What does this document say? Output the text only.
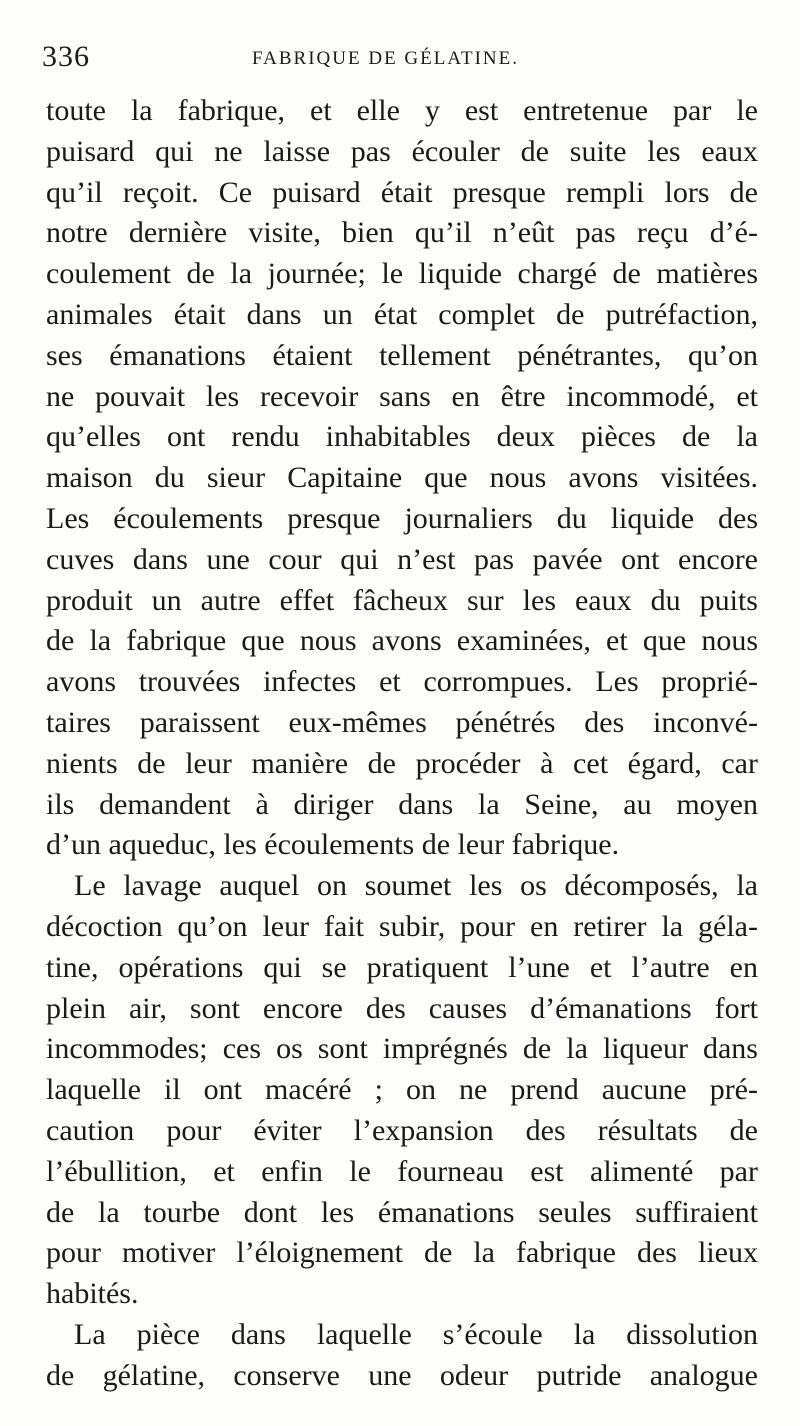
336	FABRIQUE DE GÉLATINE.
toute la fabrique, et elle y est entretenue par le
puisard qui ne laisse pas écouler de suite les eaux
qu’il reçoit. Ce puisard était presque rempli lors de
notre dernière visite, bien qu’il n’eût pas reçu d’é-
coulement de la journée; le liquide chargé de matières
animales était dans un état complet de putréfaction,
ses émanations étaient tellement pénétrantes, qu’on
ne pouvait les recevoir sans en être incommodé, et
qu’elles ont rendu inhabitables deux pièces de la
maison du sieur Capitaine que nous avons visitées.
Les écoulements presque journaliers du liquide des
cuves dans une cour qui n’est pas pavée ont encore
produit un autre effet fâcheux sur les eaux du puits
de la fabrique que nous avons examinées, et que nous
avons trouvées infectes et corrompues. Les proprié-
taires paraissent eux-mêmes pénétrés des inconvé-
nients de leur manière de procéder à cet égard, car
ils demandent à diriger dans la Seine, au moyen
d’un aqueduc, les écoulements de leur fabrique.
Le lavage auquel on soumet les os décomposés, la
décoction qu’on leur fait subir, pour en retirer la géla-
tine, opérations qui se pratiquent l’une et l’autre en
plein air, sont encore des causes d’émanations fort
incommodes; ces os sont imprégnés de la liqueur dans
laquelle il ont macéré ; on ne prend aucune pré-
caution pour éviter l’expansion des résultats de
l’ébullition, et enfin le fourneau est alimenté par
de la tourbe dont les émanations seules suffiraient
pour motiver l’éloignement de la fabrique des lieux
habités.
La pièce dans laquelle s’écoule la dissolution
de gélatine, conserve une odeur putride analogue
